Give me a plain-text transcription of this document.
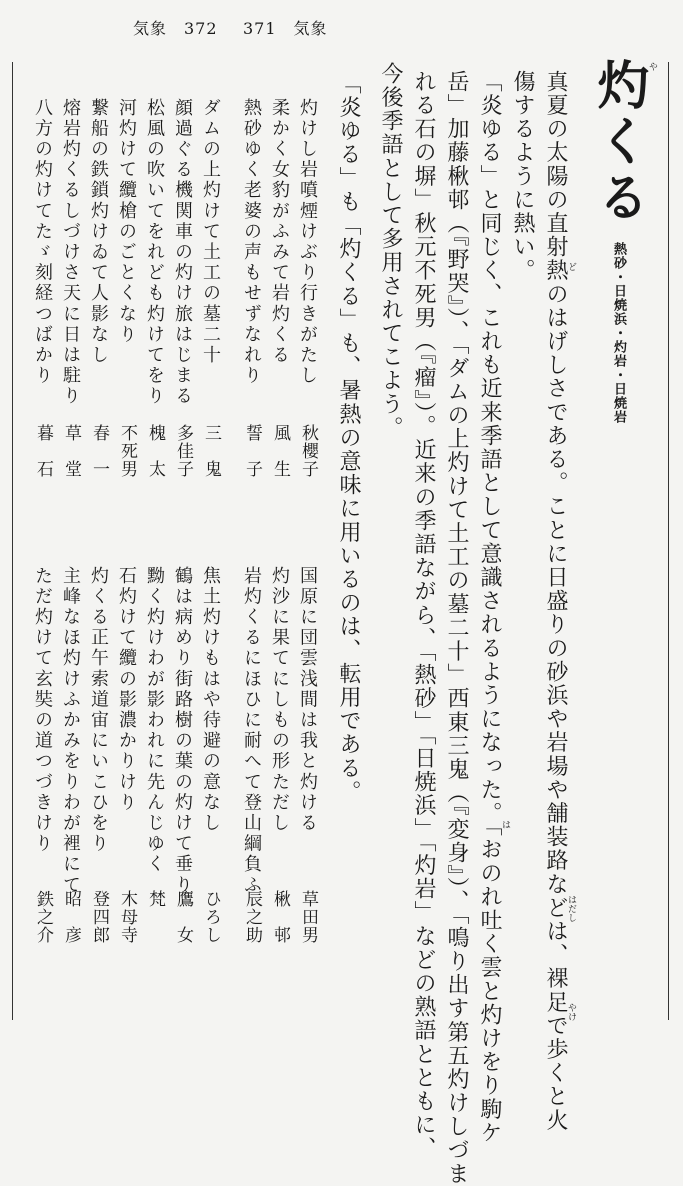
気象　372 371　気象
灼くる
や
熱砂・日焼浜・灼岩・日焼岩
真夏の太陽の直射熱のはげしさである。ことに日盛りの砂浜や岩場や舗装路などは、裸足で歩くと火
傷するように熱い。
「炎ゆる」と同じく、これも近来季語として意識されるようになった。「おのれ吐く雲と灼けをり駒ケ
岳」加藤楸邨（『野哭』）、「ダムの上灼けて土工の墓二十」西東三鬼（『変身』）、「鳴り出す第五灼けしづま
れる石の塀」秋元不死男（『瘤』）。近来の季語ながら、「熱砂」「日焼浜」「灼岩」などの熟語とともに、
今後季語として多用されてこよう。
「炎ゆる」も「灼くる」も、暑熱の意味に用いるのは、転用である。	ど
はだし
やけ
は
灼けし岩噴煙けぶり行きがたし
秋櫻子
柔かく女豹がふみて岩灼くる
風　生
熱砂ゆく老婆の声もせずなれり
誓　子
ダムの上灼けて土工の墓二十
三　鬼
顔過ぐる機関車の灼け旅はじまる
多佳子
松風の吹いてをれども灼けてをり
槐　太
河灼けて纜槍のごとくなり
不死男
繋船の鉄鎖灼けゐて人影なし
春　一
熔岩灼くるしづけさ天に日は駐り
草　堂
八方の灼けてたゞ刻経つばかり
暮　石
国原に団雲浅間は我と灼ける
草田男
灼沙に果てにしもの形ただし
楸　邨
岩灼くるにほひに耐へて登山綱負ふ
辰之助
焦土灼けもはや待避の意なし
ひろし
鶴は病めり街路樹の葉の灼けて垂り
鷹　女
黝く灼けわが影われに先んじゆく
梵
石灼けて纜の影濃かりけり
木母寺
灼くる正午索道宙にいこひをり
登四郎
主峰なほ灼けふかみをりわが裡にて
昭　彦
ただ灼けて玄奘の道つづきけり
鉄之介
